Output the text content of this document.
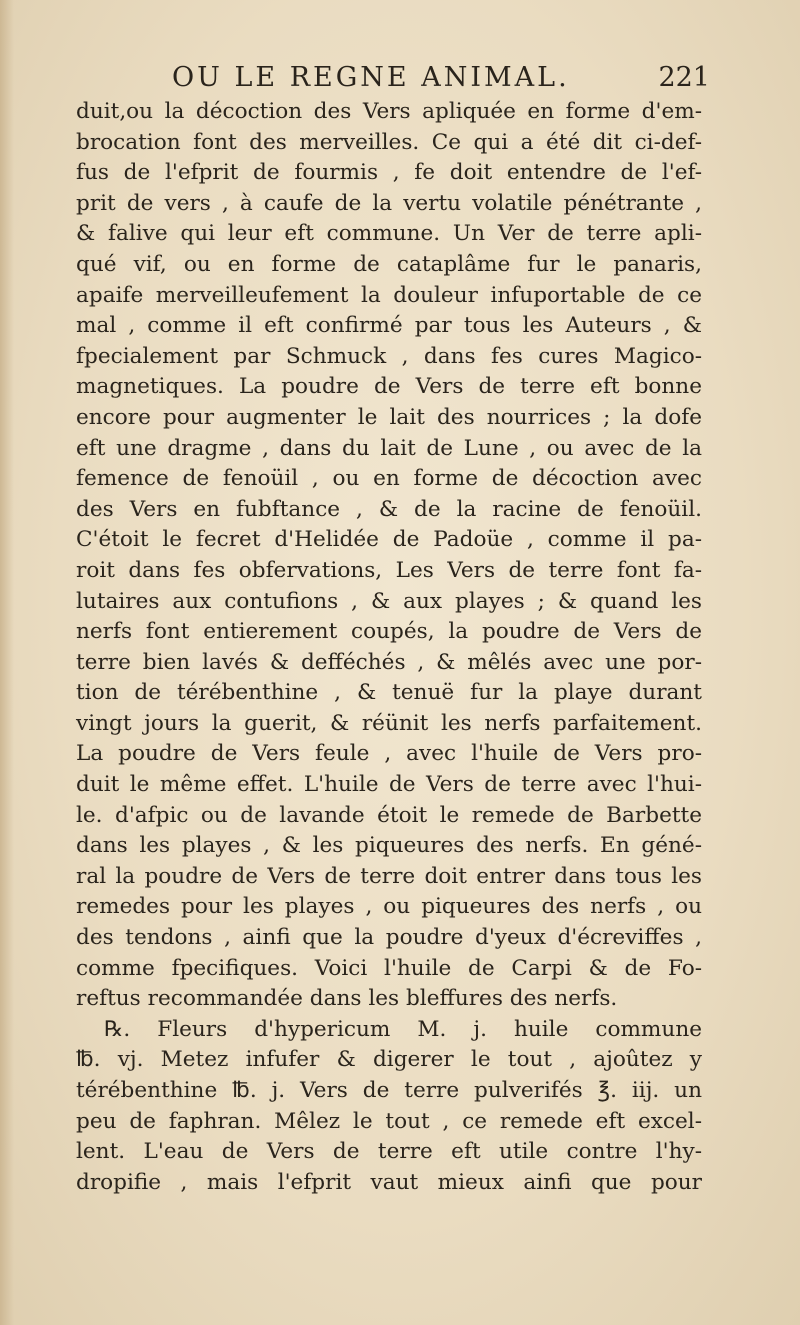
OU LE REGNE ANIMAL.	221
duit,ou la décoction des Vers apliquée en forme d'em-
brocation font des merveilles. Ce qui a été dit ci-def-
fus de l'efprit de fourmis , fe doit entendre de l'ef-
prit de vers , à caufe de la vertu volatile pénétrante ,
& falive qui leur eft commune. Un Ver de terre apli-
qué vif, ou en forme de cataplâme fur le panaris,
apaife merveilleufement la douleur infuportable de ce
mal , comme il eft confirmé par tous les Auteurs , &
fpecialement par Schmuck , dans fes cures Magico-
magnetiques. La poudre de Vers de terre eft bonne
encore pour augmenter le lait des nourrices ; la dofe
eft une dragme , dans du lait de Lune , ou avec de la
femence de fenoüil , ou en forme de décoction avec
des Vers en fubftance , & de la racine de fenoüil.
C'étoit le fecret d'Helidée de Padoüe , comme il pa-
roit dans fes obfervations, Les Vers de terre font fa-
lutaires aux contufions , & aux playes ; & quand les
nerfs font entierement coupés, la poudre de Vers de
terre bien lavés & defféchés , & mêlés avec une por-
tion de térébenthine , & tenuë fur la playe durant
vingt jours la guerit, & réünit les nerfs parfaitement.
La poudre de Vers feule , avec l'huile de Vers pro-
duit le même effet. L'huile de Vers de terre avec l'hui-
le. d'afpic ou de lavande étoit le remede de Barbette
dans les playes , & les piqueures des nerfs. En géné-
ral la poudre de Vers de terre doit entrer dans tous les
remedes pour les playes , ou piqueures des nerfs , ou
des tendons , ainfi que la poudre d'yeux d'écreviffes ,
comme fpecifiques. Voici l'huile de Carpi & de Fo-
reftus recommandée dans les bleffures des nerfs.
℞. Fleurs d'hypericum M. j. huile commune
℔. vj. Metez infufer & digerer le tout , ajoûtez y
térébenthine ℔. j. Vers de terre pulverifés ℥. iij. un
peu de faphran. Mêlez le tout , ce remede eft excel-
lent. L'eau de Vers de terre eft utile contre l'hy-
dropifie , mais l'efprit vaut mieux ainfi que pour
